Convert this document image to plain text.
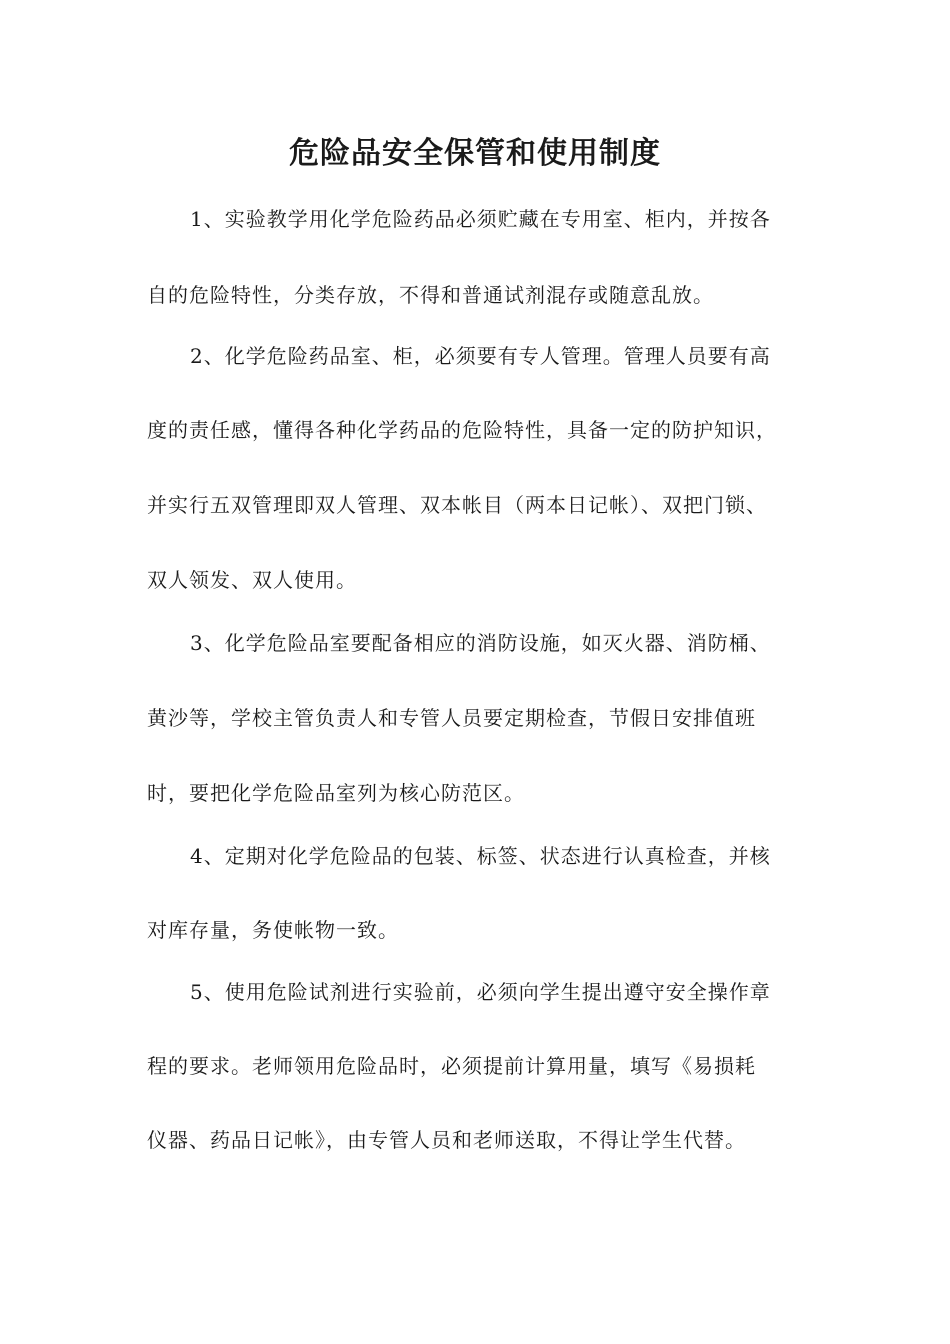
危险品安全保管和使用制度
1、实验教学用化学危险药品必须贮藏在专用室、柜内，并按各
自的危险特性，分类存放，不得和普通试剂混存或随意乱放。
2、化学危险药品室、柜，必须要有专人管理。管理人员要有高
度的责任感，懂得各种化学药品的危险特性，具备一定的防护知识，
并实行五双管理即双人管理、双本帐目（两本日记帐）、双把门锁、
双人领发、双人使用。
3、化学危险品室要配备相应的消防设施，如灭火器、消防桶、
黄沙等，学校主管负责人和专管人员要定期检查，节假日安排值班
时，要把化学危险品室列为核心防范区。
4、定期对化学危险品的包装、标签、状态进行认真检查，并核
对库存量，务使帐物一致。
5、使用危险试剂进行实验前，必须向学生提出遵守安全操作章
程的要求。老师领用危险品时，必须提前计算用量，填写《易损耗
仪器、药品日记帐》，由专管人员和老师送取，不得让学生代替。
